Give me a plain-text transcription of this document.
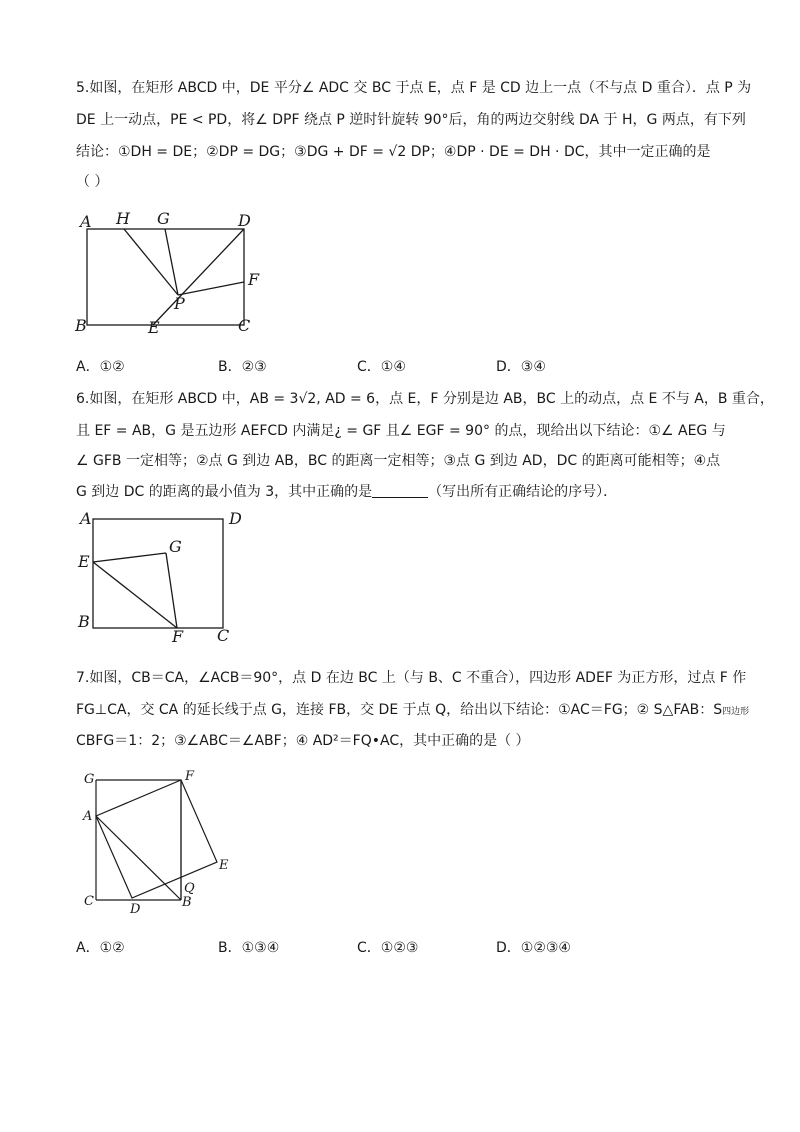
5.如图，在矩形 ABCD 中，DE 平分∠ ADC 交 BC 于点 E，点 F 是 CD 边上一点（不与点 D 重合）．点 P 为
DE 上一动点，PE < PD，将∠ DPF 绕点 P 逆时针旋转 90°后，角的两边交射线 DA 于 H，G 两点，有下列
结论：①DH = DE；②DP = DG；③DG + DF = √2 DP；④DP · DE = DH · DC，其中一定正确的是
（ ）
A H G	D
F
P
B	E	C
A．①②	B．②③	C．①④	D．③④
6.如图，在矩形 ABCD 中，AB = 3√2, AD = 6，点 E，F 分别是边 AB，BC 上的动点，点 E 不与 A，B 重合，
且 EF = AB，G 是五边形 AEFCD 内满足¿ = GF 且∠ EGF = 90° 的点，现给出以下结论：①∠ AEG 与
∠ GFB 一定相等；②点 G 到边 AB，BC 的距离一定相等；③点 G 到边 AD，DC 的距离可能相等；④点
G 到边 DC 的距离的最小值为 3，其中正确的是	（写出所有正确结论的序号）．
A	D
G
E
B
F C
7.如图，CB＝CA，∠ACB＝90°，点 D 在边 BC 上（与 B、C 不重合），四边形 ADEF 为正方形，过点 F 作
FG⊥CA，交 CA 的延长线于点 G，连接 FB，交 DE 于点 Q，给出以下结论：①AC＝FG；② S△FAB：S四边形
CBFG＝1：2；③∠ABC＝∠ABF；④ AD²＝FQ•AC，其中正确的是（ ）
G	F
A
E
Q
C
D	B
A．①②	B．①③④	C．①②③	D．①②③④
